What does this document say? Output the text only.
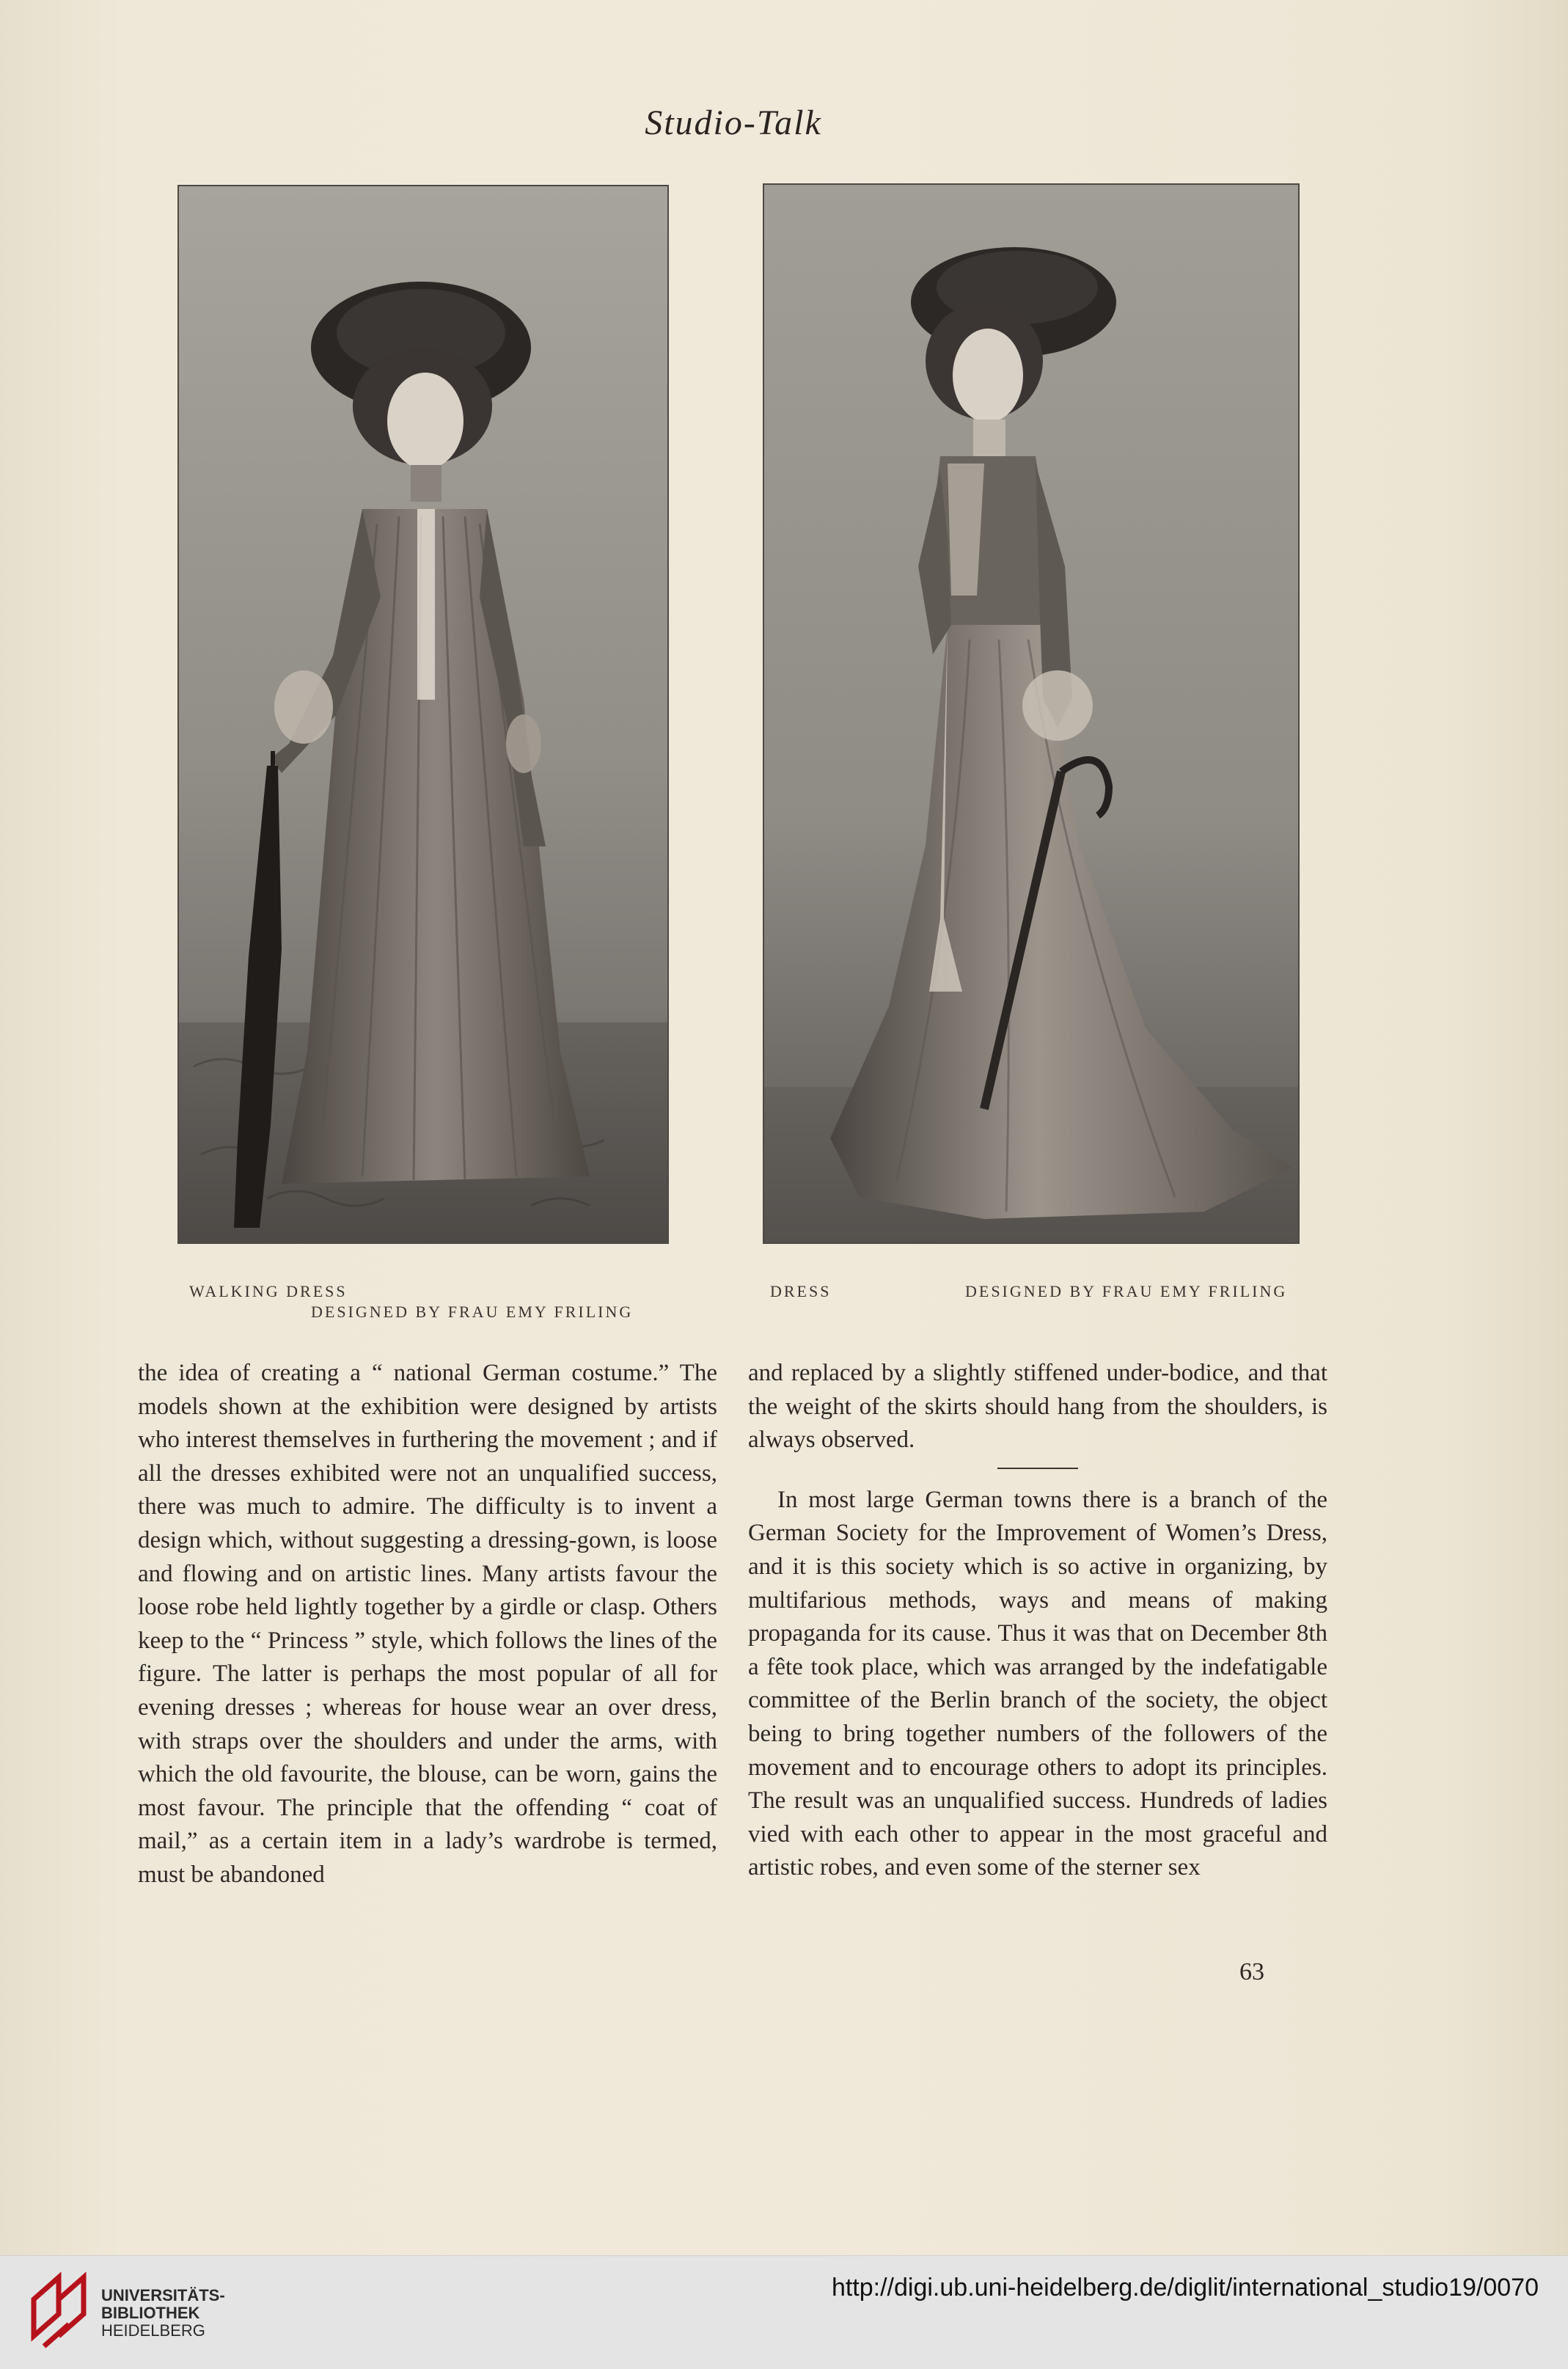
Studio-Talk
WALKING DRESS
DESIGNED BY FRAU EMY FRILING
DRESS	DESIGNED BY FRAU EMY FRILING

the idea of creating a “ national German costume.” The models shown at the exhibition were designed by artists who interest themselves in furthering the movement ; and if all the dresses exhibited were not an unqualified success, there was much to admire. The difficulty is to invent a design which, without suggesting a dressing-gown, is loose and flowing and on artistic lines. Many artists favour the loose robe held lightly together by a girdle or clasp. Others keep to the “ Princess ” style, which follows the lines of the figure. The latter is perhaps the most popular of all for evening dresses ; whereas for house wear an over dress, with straps over the shoulders and under the arms, with which the old favourite, the blouse, can be worn, gains the most favour. The principle that the offending “ coat of mail,” as a certain item in a lady’s wardrobe is termed, must be abandoned

and replaced by a slightly stiffened under-bodice, and that the weight of the skirts should hang from the shoulders, is always observed.

In most large German towns there is a branch of the German Society for the Improvement of Women’s Dress, and it is this society which is so active in organizing, by multifarious methods, ways and means of making propaganda for its cause. Thus it was that on December 8th a fête took place, which was arranged by the indefatigable committee of the Berlin branch of the society, the object being to bring together numbers of the followers of the movement and to encourage others to adopt its principles. The result was an unqualified success. Hundreds of ladies vied with each other to appear in the most graceful and artistic robes, and even some of the sterner sex

63
UNIVERSITÄTS-
BIBLIOTHEK
HEIDELBERG
http://digi.ub.uni-heidelberg.de/diglit/international_studio19/0070
